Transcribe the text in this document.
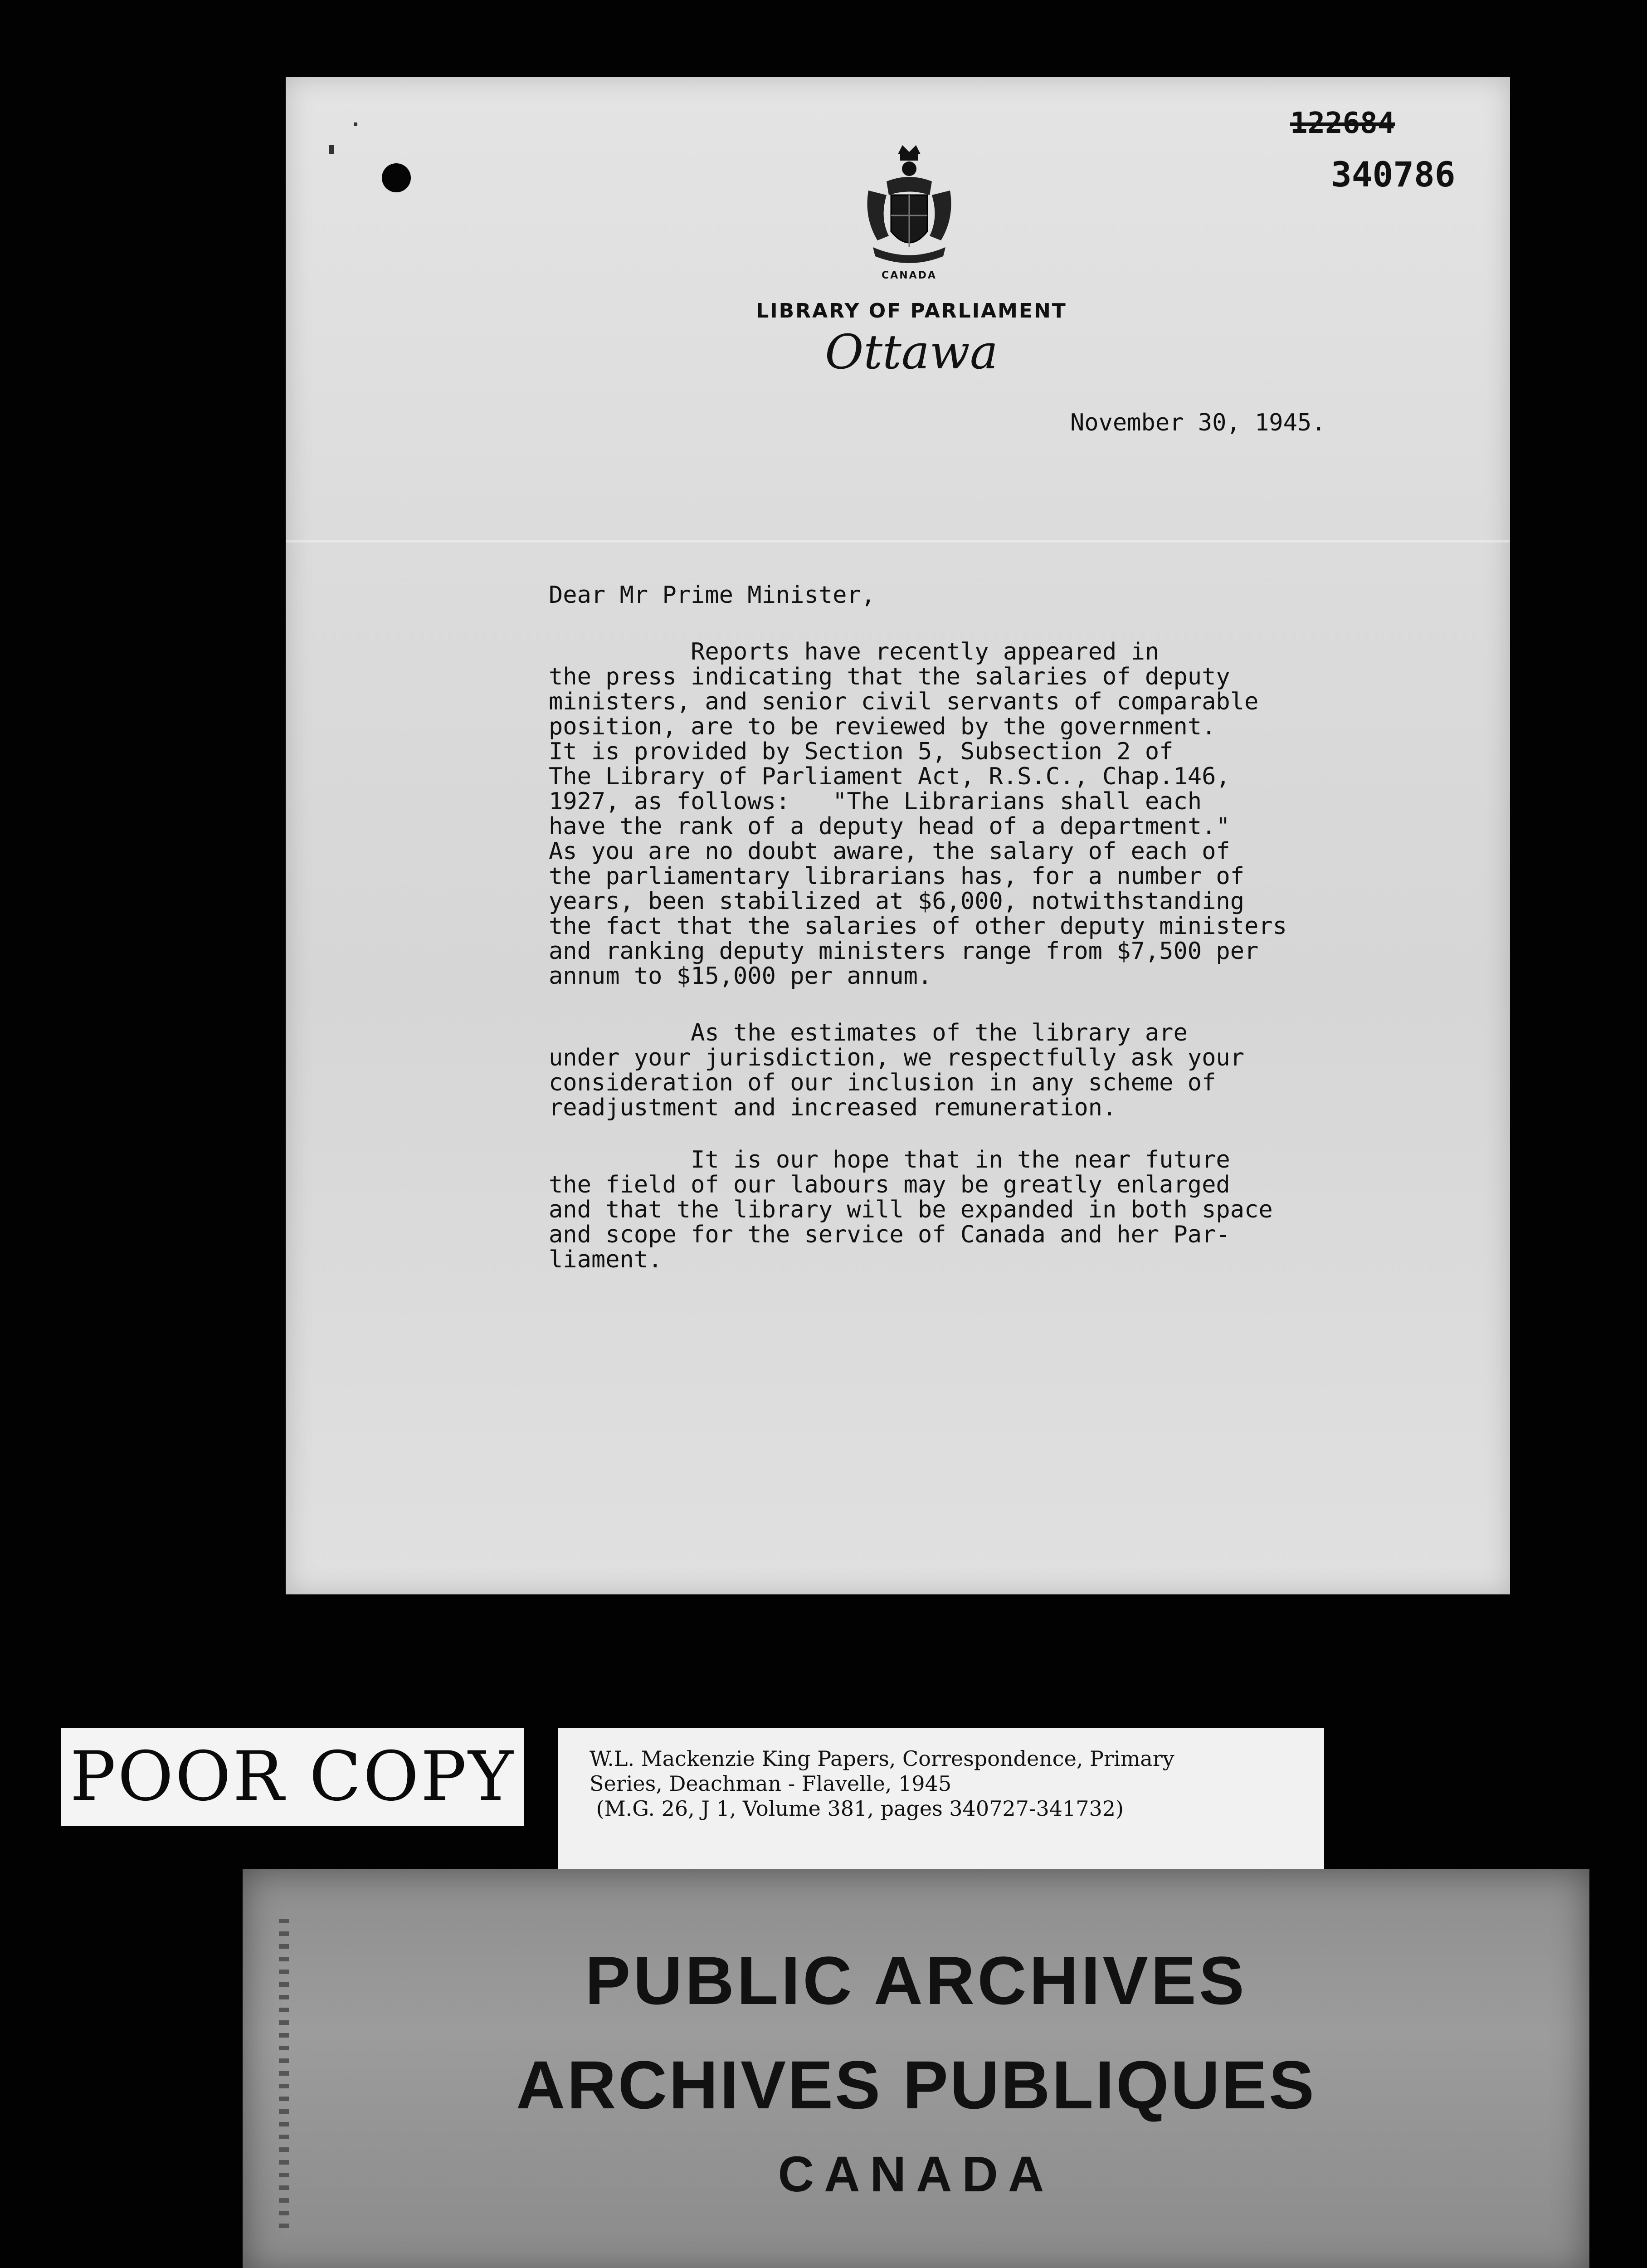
122684
340786
CANADA
LIBRARY OF PARLIAMENT
Ottawa
November 30, 1945.
Dear Mr Prime Minister,

Reports have recently appeared in
the press indicating that the salaries of deputy
ministers, and senior civil servants of comparable
position, are to be reviewed by the government.
It is provided by Section 5, Subsection 2 of
The Library of Parliament Act, R.S.C., Chap.146,
1927, as follows:   "The Librarians shall each
have the rank of a deputy head of a department."
As you are no doubt aware, the salary of each of
the parliamentary librarians has, for a number of
years, been stabilized at $6,000, notwithstanding
the fact that the salaries of other deputy ministers
and ranking deputy ministers range from $7,500 per
annum to $15,000 per annum.

As the estimates of the library are
under your jurisdiction, we respectfully ask your
consideration of our inclusion in any scheme of
readjustment and increased remuneration.

It is our hope that in the near future
the field of our labours may be greatly enlarged
and that the library will be expanded in both space
and scope for the service of Canada and her Par-
liament.

POOR COPY	W.L. Mackenzie King Papers, Correspondence, Primary
Series, Deachman - Flavelle, 1945
(M.G. 26, J 1, Volume 381, pages 340727-341732)
PUBLIC ARCHIVES
ARCHIVES PUBLIQUES
CANADA
